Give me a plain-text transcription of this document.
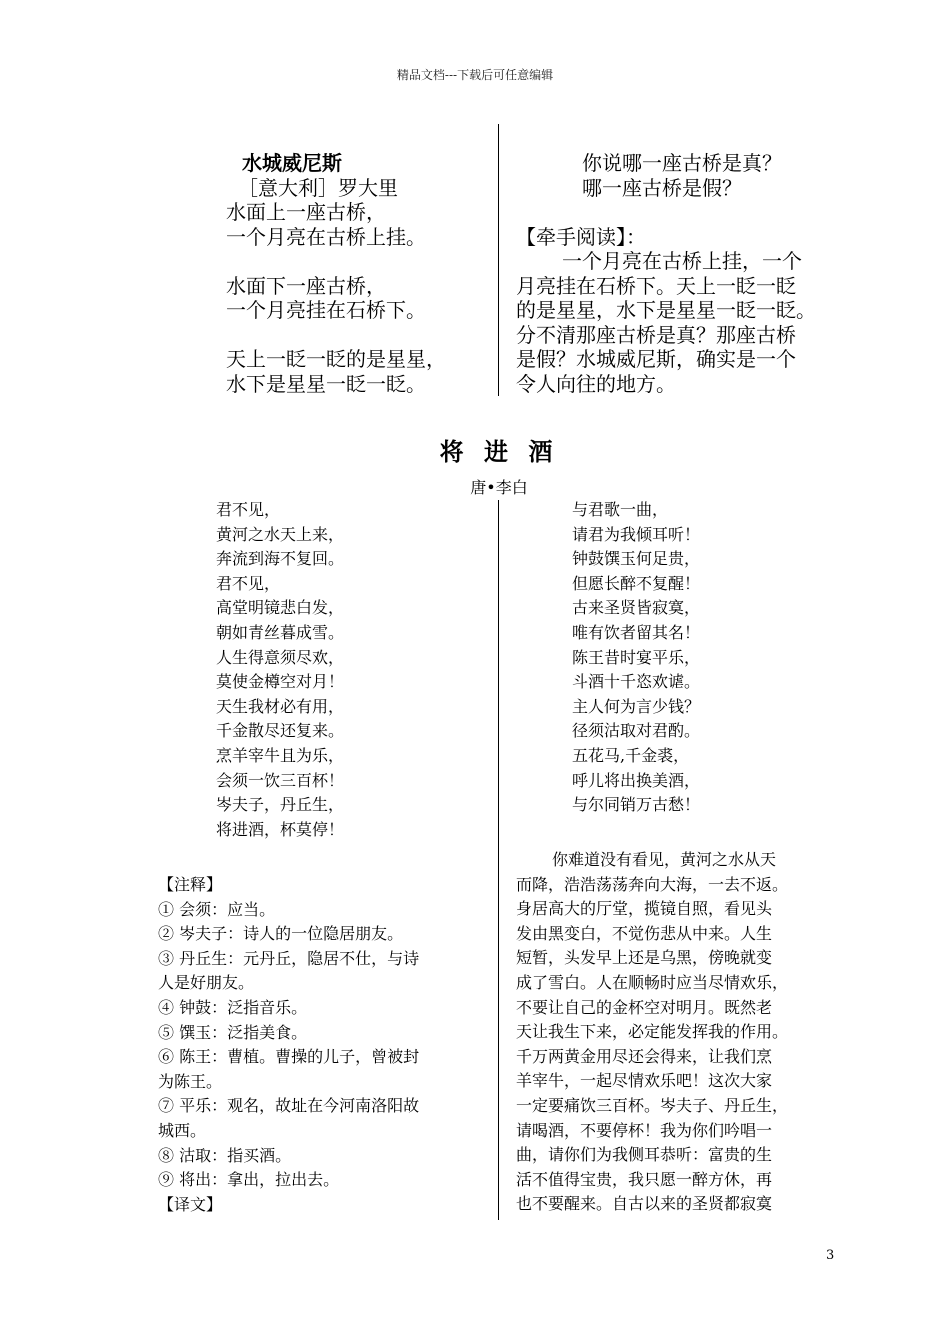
精品文档---下载后可任意编辑
水城威尼斯
［意大利］罗大里
水面上一座古桥，
一个月亮在古桥上挂。
水面下一座古桥，
一个月亮挂在石桥下。
天上一眨一眨的是星星，
水下是星星一眨一眨。
你说哪一座古桥是真？
哪一座古桥是假？
【牵手阅读】：
一个月亮在古桥上挂，一个
月亮挂在石桥下。天上一眨一眨
的是星星，水下是星星一眨一眨。
分不清那座古桥是真？那座古桥
是假？水城威尼斯，确实是一个
令人向往的地方。
将 进 酒
唐•李白
君不见，
黄河之水天上来，
奔流到海不复回。
君不见，
高堂明镜悲白发，
朝如青丝暮成雪。
人生得意须尽欢，
莫使金樽空对月！
天生我材必有用，
千金散尽还复来。
烹羊宰牛且为乐，
会须一饮三百杯！
岑夫子，丹丘生，
将进酒，杯莫停！
与君歌一曲，
请君为我倾耳听！
钟鼓馔玉何足贵，
但愿长醉不复醒！
古来圣贤皆寂寞，
唯有饮者留其名！
陈王昔时宴平乐，
斗酒十千恣欢谑。
主人何为言少钱？
径须沽取对君酌。
五花马,千金裘，
呼儿将出换美酒，
与尔同销万古愁！
【注释】
① 会须：应当。
② 岑夫子：诗人的一位隐居朋友。
③ 丹丘生：元丹丘，隐居不仕，与诗
人是好朋友。
④ 钟鼓：泛指音乐。
⑤ 馔玉：泛指美食。
⑥ 陈王：曹植。曹操的儿子，曾被封
为陈王。
⑦ 平乐：观名，故址在今河南洛阳故
城西。
⑧ 沽取：指买酒。
⑨ 将出：拿出，拉出去。
【译文】
你难道没有看见，黄河之水从天
而降，浩浩荡荡奔向大海，一去不返。
身居高大的厅堂，揽镜自照，看见头
发由黑变白，不觉伤悲从中来。人生
短暂，头发早上还是乌黑，傍晚就变
成了雪白。人在顺畅时应当尽情欢乐，
不要让自己的金杯空对明月。既然老
天让我生下来，必定能发挥我的作用。
千万两黄金用尽还会得来，让我们烹
羊宰牛，一起尽情欢乐吧！这次大家
一定要痛饮三百杯。岑夫子、丹丘生，
请喝酒，不要停杯！我为你们吟唱一
曲，请你们为我侧耳恭听：富贵的生
活不值得宝贵，我只愿一醉方休，再
也不要醒来。自古以来的圣贤都寂寞
3
